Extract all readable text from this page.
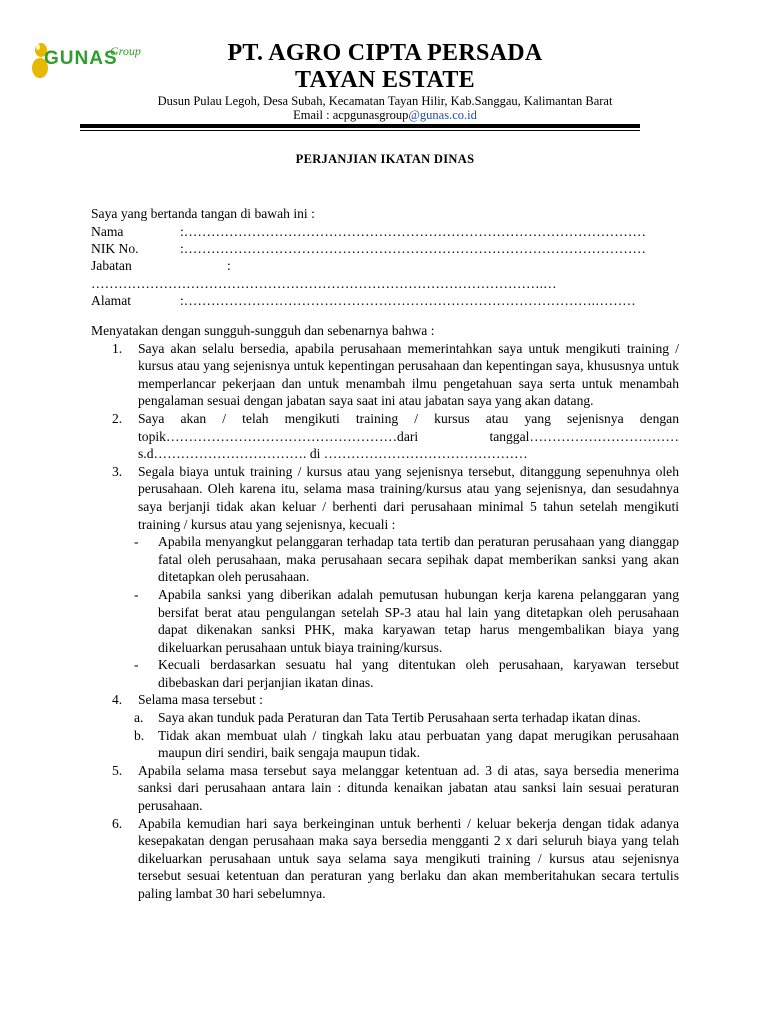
GUNAS
Group	PT. AGRO CIPTA PERSADA
TAYAN ESTATE
Dusun Pulau Legoh, Desa Subah, Kecamatan Tayan Hilir, Kab.Sanggau, Kalimantan Barat
Email : acpgunasgroup@gunas.co.id
PERJANJIAN IKATAN DINAS
Saya yang bertanda tangan di bawah ini :
Nama	:…………………………………………………………………………………………
NIK No.	:…………………………………………………………………………………………
Jabatan	:
……………………………………………………………………………………….…
Alamat	:……………………………………………………………………………….………

Menyatakan dengan sungguh-sungguh dan sebenarnya bahwa :

1. Saya akan selalu bersedia, apabila perusahaan memerintahkan saya untuk mengikuti training / kursus atau yang sejenisnya untuk kepentingan perusahaan dan kepentingan saya, khususnya untuk memperlancar pekerjaan dan untuk menambah ilmu pengetahuan saya serta untuk menambah pengalaman sesuai dengan jabatan saya saat ini atau jabatan saya yang akan datang.
2. Saya akan / telah mengikuti training / kursus atau yang sejenisnya dengan
topik……………………………………………dari tanggal……………………………
s.d……………………………. di ………………………………………
3. Segala biaya untuk training / kursus atau yang sejenisnya tersebut, ditanggung sepenuhnya oleh perusahaan. Oleh karena itu, selama masa training/kursus atau yang sejenisnya, dan sesudahnya saya berjanji tidak akan keluar / berhenti dari perusahaan minimal 5 tahun setelah mengikuti training / kursus atau yang sejenisnya, kecuali :
- Apabila menyangkut pelanggaran terhadap tata tertib dan peraturan perusahaan yang dianggap fatal oleh perusahaan, maka perusahaan secara sepihak dapat memberikan sanksi yang akan ditetapkan oleh perusahaan.
- Apabila sanksi yang diberikan adalah pemutusan hubungan kerja karena pelanggaran yang bersifat berat atau pengulangan setelah SP-3 atau hal lain yang ditetapkan oleh perusahaan dapat dikenakan sanksi PHK, maka karyawan tetap harus mengembalikan biaya yang dikeluarkan perusahaan untuk biaya training/kursus.
- Kecuali berdasarkan sesuatu hal yang ditentukan oleh perusahaan, karyawan tersebut dibebaskan dari perjanjian ikatan dinas.
4. Selama masa tersebut :
a. Saya akan tunduk pada Peraturan dan Tata Tertib Perusahaan serta terhadap ikatan dinas.
b. Tidak akan membuat ulah / tingkah laku atau perbuatan yang dapat merugikan perusahaan maupun diri sendiri, baik sengaja maupun tidak.
5. Apabila selama masa tersebut saya melanggar ketentuan ad. 3 di atas, saya bersedia menerima sanksi dari perusahaan antara lain : ditunda kenaikan jabatan atau sanksi lain sesuai peraturan perusahaan.
6. Apabila kemudian hari saya berkeinginan untuk berhenti / keluar bekerja dengan tidak adanya kesepakatan dengan perusahaan maka saya bersedia mengganti 2 x dari seluruh biaya yang telah dikeluarkan perusahaan untuk saya selama saya mengikuti training / kursus atau sejenisnya tersebut sesuai ketentuan dan peraturan yang berlaku dan akan memberitahukan secara tertulis paling lambat 30 hari sebelumnya.
